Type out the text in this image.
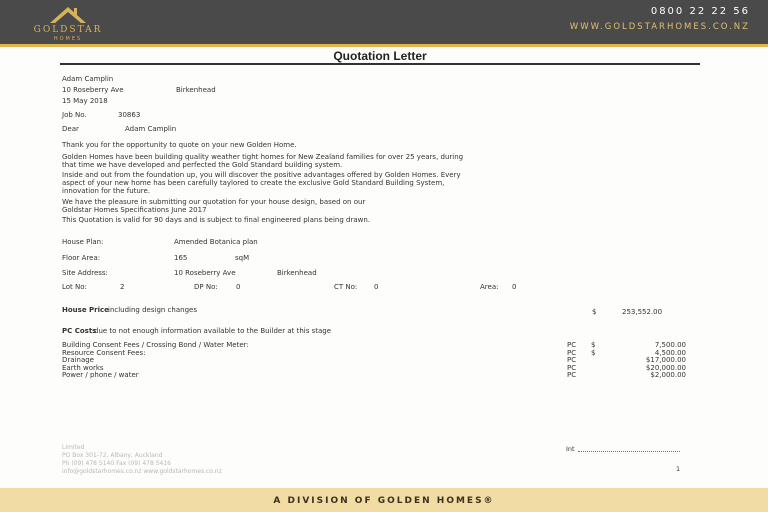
GOLDSTAR
HOMES
0800 22 22 56
WWW.GOLDSTARHOMES.CO.NZ
Quotation Letter
Adam Camplin
10 Roseberry Ave	Birkenhead
15 May 2018
Job No.	30863
Dear	Adam Camplin
Thank you for the opportunity to quote on your new Golden Home.
Golden Homes have been building quality weather tight homes for New Zealand families for over 25 years, during
that time we have developed and perfected the Gold Standard building system.
Inside and out from the foundation up, you will discover the positive advantages offered by Golden Homes. Every
aspect of your new home has been carefully taylored to create the exclusive Gold Standard Building System,
innovation for the future.
We have the pleasure in submitting our quotation for your house design, based on our
Goldstar Homes Specifications June 2017
This Quotation is valid for 90 days and is subject to final engineered plans being drawn.
House Plan:	Amended Botanica plan
Floor Area:	165	sqM
Site Address:	10 Roseberry Ave	Birkenhead
Lot No:	2	DP No:	0	CT No: 0	Area: 0
House Price including design changes	$	253,552.00
PC Costs
due to not enough information available to the Builder at this stage
Building Consent Fees / Crossing Bond / Water Meter:	PC $	7,500.00
Resource Consent Fees:	PC $	4,500.00
Drainage	PC	$17,000.00
Earth works	PC	$20,000.00
Power / phone / water	PC	$2,000.00
Limited
PO Box 301-72, Albany, Auckland
Ph (09) 478 5140 Fax (09) 478 5416
info@goldstarhomes.co.nz www.goldstarhomes.co.nz
Int
1
A DIVISION OF GOLDEN HOMES®
